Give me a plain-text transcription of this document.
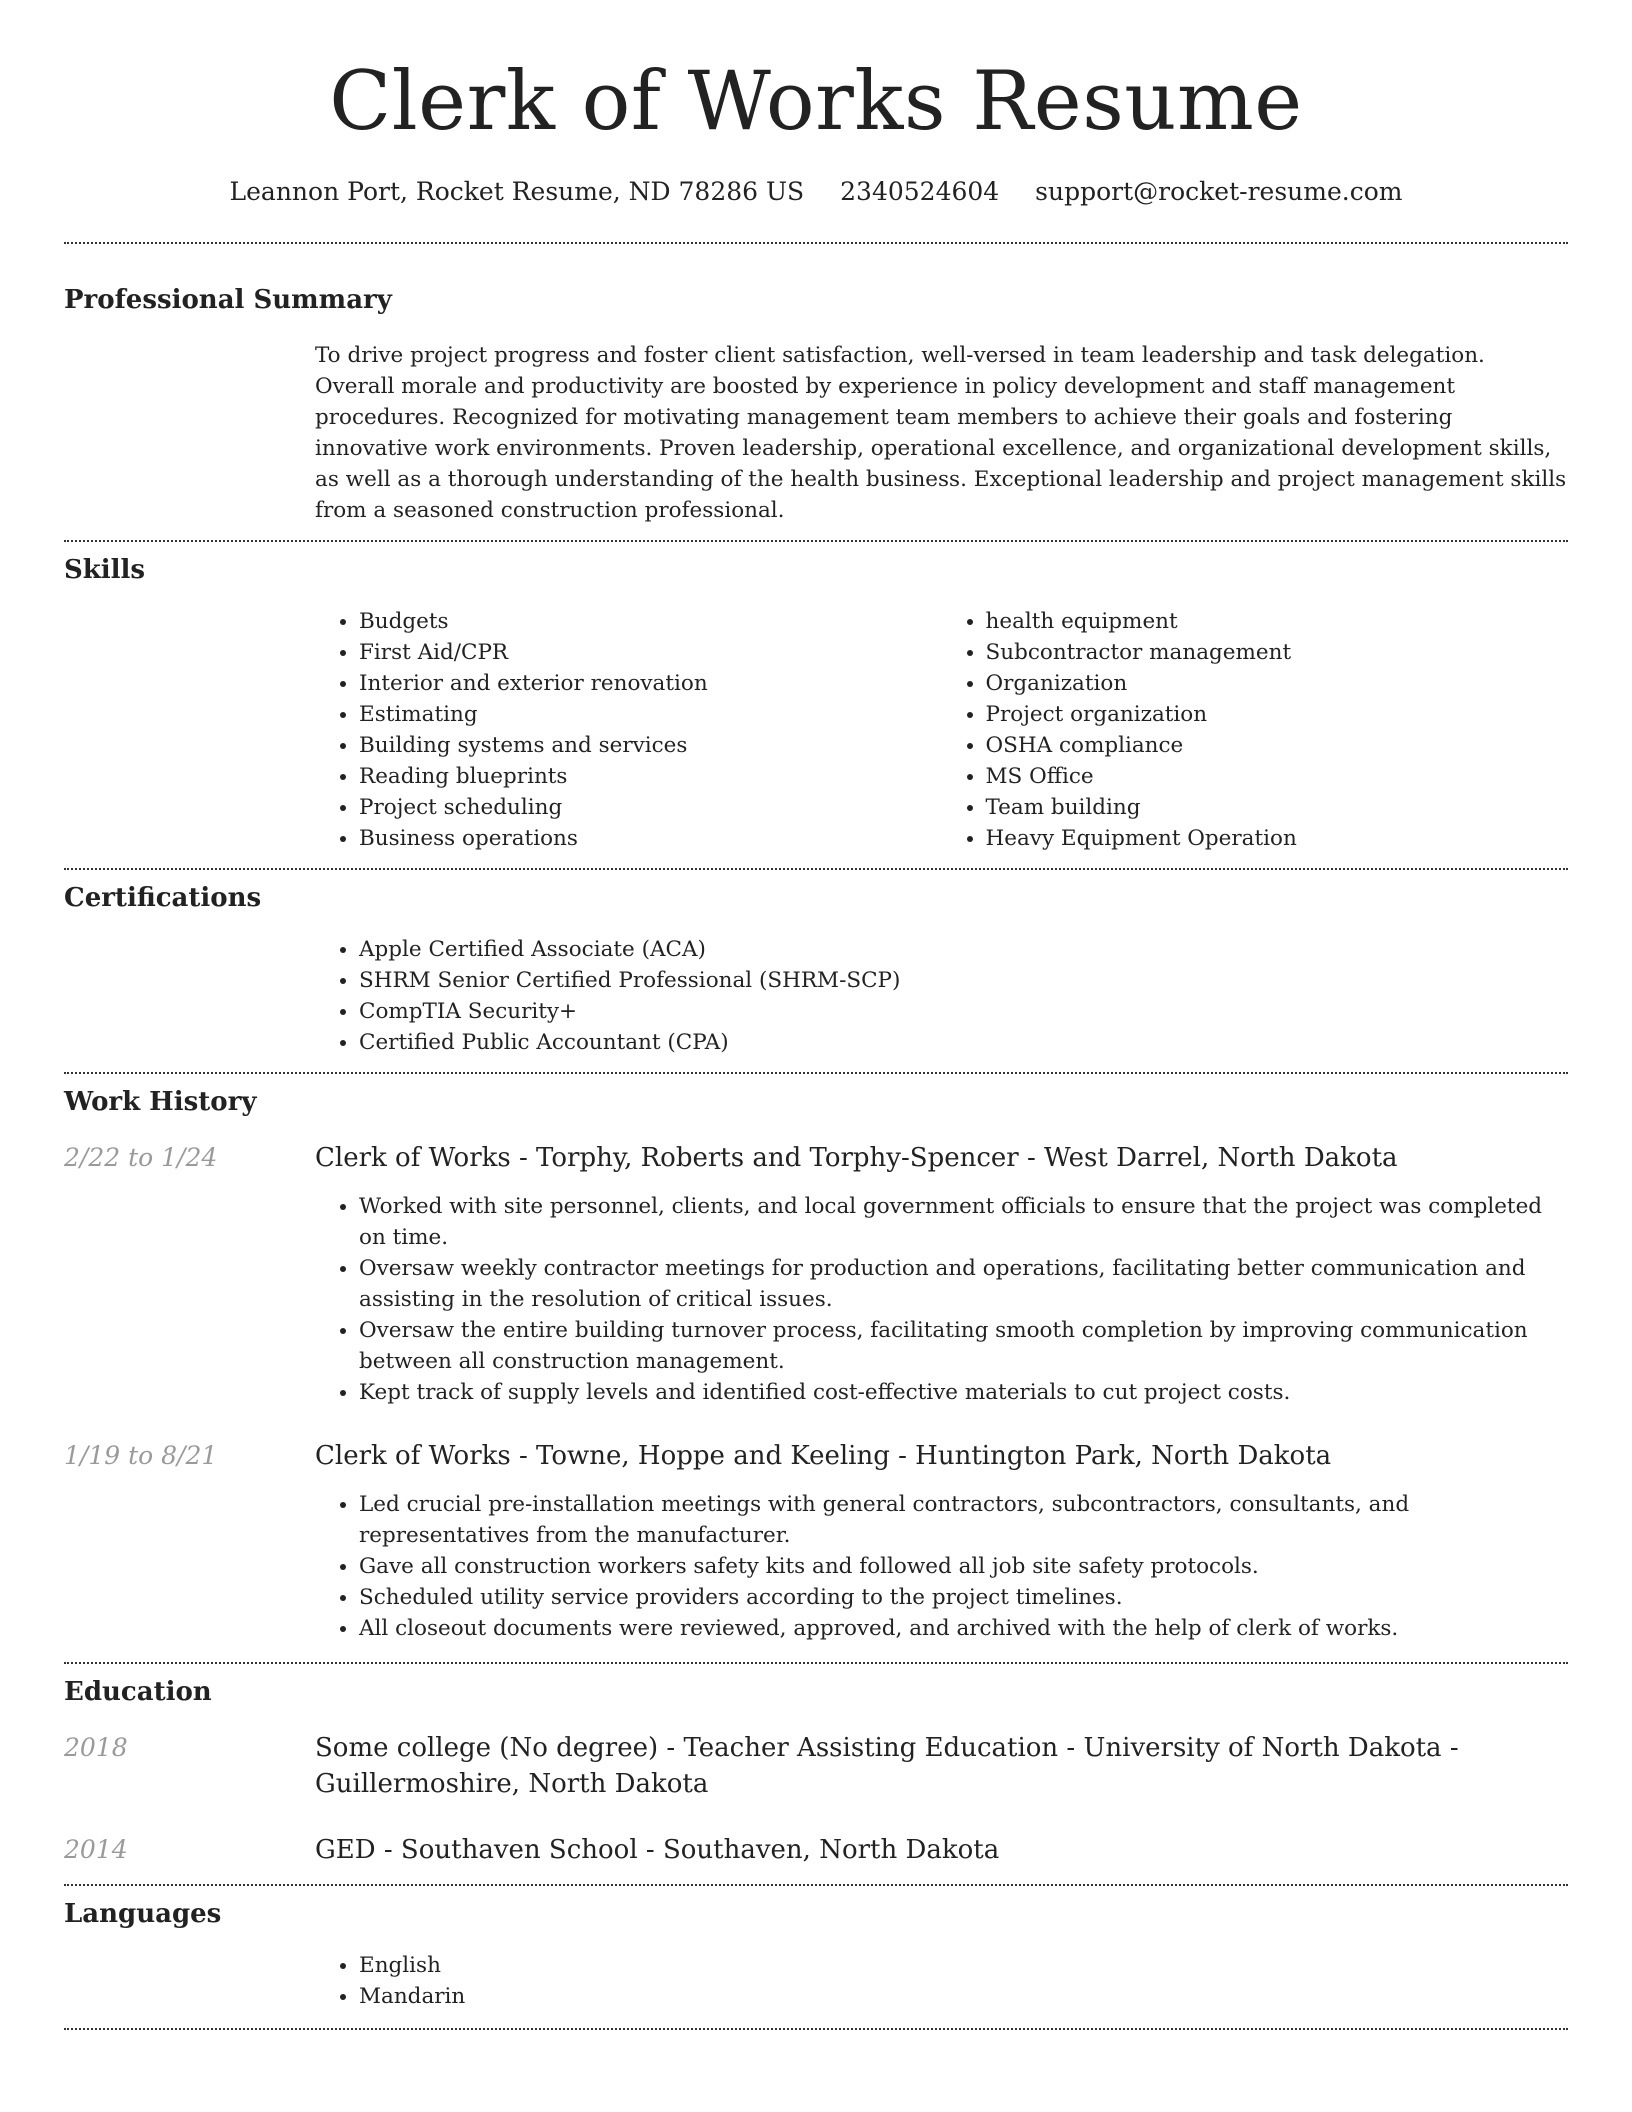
Clerk of Works Resume
Leannon Port, Rocket Resume, ND 78286 US 2340524604 support@rocket-resume.com
Professional Summary

To drive project progress and foster client satisfaction, well-versed in team leadership and task delegation. Overall morale and productivity are boosted by experience in policy development and staff management procedures. Recognized for motivating management team members to achieve their goals and fostering innovative work environments. Proven leadership, operational excellence, and organizational development skills, as well as a thorough understanding of the health business. Exceptional leadership and project management skills from a seasoned construction professional.

Skills
• Budgets
• First Aid/CPR
• Interior and exterior renovation
• Estimating
• Building systems and services
• Reading blueprints
• Project scheduling
• Business operations
• health equipment
• Subcontractor management
• Organization
• Project organization
• OSHA compliance
• MS Office
• Team building
• Heavy Equipment Operation
Certifications
• Apple Certified Associate (ACA)
• SHRM Senior Certified Professional (SHRM-SCP)
• CompTIA Security+
• Certified Public Accountant (CPA)
Work History
2/22 to 1/24	Clerk of Works - Torphy, Roberts and Torphy-Spencer - West Darrel, North Dakota
• Worked with site personnel, clients, and local government officials to ensure that the project was completed on time.
• Oversaw weekly contractor meetings for production and operations, facilitating better communication and assisting in the resolution of critical issues.
• Oversaw the entire building turnover process, facilitating smooth completion by improving communication between all construction management.
• Kept track of supply levels and identified cost-effective materials to cut project costs.
1/19 to 8/21	Clerk of Works - Towne, Hoppe and Keeling - Huntington Park, North Dakota
• Led crucial pre-installation meetings with general contractors, subcontractors, consultants, and representatives from the manufacturer.
• Gave all construction workers safety kits and followed all job site safety protocols.
• Scheduled utility service providers according to the project timelines.
• All closeout documents were reviewed, approved, and archived with the help of clerk of works.
Education
2018	Some college (No degree) - Teacher Assisting Education - University of North Dakota - Guillermoshire, North Dakota
2014	GED - Southaven School - Southaven, North Dakota
Languages
• English
• Mandarin
